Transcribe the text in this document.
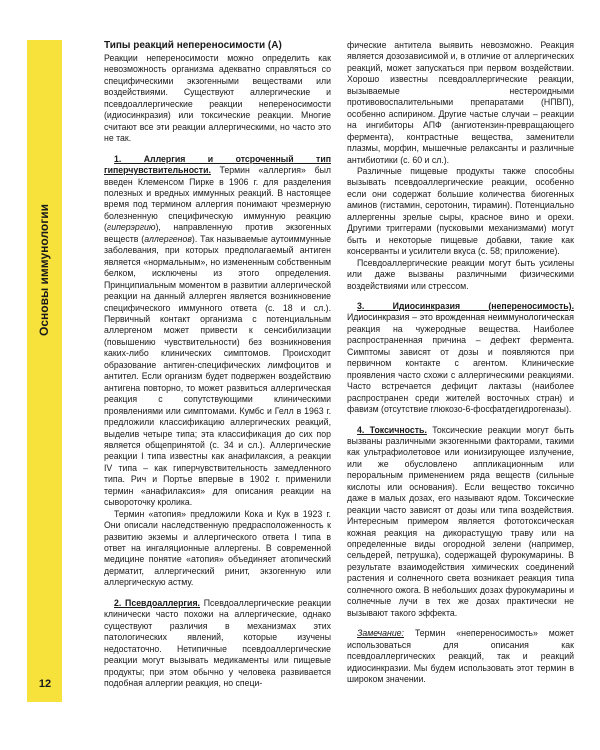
Основы иммунологии
12
Типы реакций непереносимости (А)

Реакции непереносимости можно определить как невозможность организма адекватно справляться со специфическими экзогенными веществами или воздействиями. Существуют аллергические и псевдоаллергические реакции непереносимости (идиосинкразия) или токсические реакции. Многие считают все эти реакции аллергическими, но часто это не так.

1. Аллергия и отсроченный тип гиперчувствительности. Термин «аллергия» был введен Клеменсом Пирке в 1906 г. для разделения полезных и вредных иммунных реакций. В настоящее время под термином аллергия понимают чрезмерную болезненную специфическую иммунную реакцию (гиперэргию), направленную против экзогенных веществ (аллергенов). Так называемые аутоиммунные заболевания, при которых предполагаемый антиген является «нормальным», но измененным собственным белком, исключены из этого определения. Принципиальным моментом в развитии аллергической реакции на данный аллерген является возникновение специфического иммунного ответа (с. 18 и сл.). Первичный контакт организма с потенциальным аллергеном может привести к сенсибилизации (повышению чувствительности) без возникновения каких-либо клинических симптомов. Происходит образование антиген-специфических лимфоцитов и антител. Если организм будет подвержен воздействию антигена повторно, то может развиться аллергическая реакция с сопутствующими клиническими проявлениями или симптомами. Кумбс и Гелл в 1963 г. предложили классификацию аллергических реакций, выделив четыре типа; эта классификация до сих пор является общепринятой (с. 34 и сл.). Аллергические реакции I типа известны как анафилаксия, а реакции IV типа – как гиперчувствительность замедленного типа. Рич и Портье впервые в 1902 г. применили термин «анафилаксия» для описания реакции на сывороточку кролика.

Термин «атопия» предложили Кока и Кук в 1923 г. Они описали наследственную предрасположенность к развитию экземы и аллергического ответа I типа в ответ на ингаляционные аллергены. В современной медицине понятие «атопия» объединяет атопический дерматит, аллергический ринит, экзогенную или аллергическую астму.

2. Псевдоаллергия. Псевдоаллергические реакции клинически часто похожи на аллергические, однако существуют различия в механизмах этих патологических явлений, которые изучены недостаточно. Нетипичные псевдоаллергические реакции могут вызывать медикаменты или пищевые продукты; при этом обычно у человека развивается подобная аллергии реакция, но специ-

фические антитела выявить невозможно. Реакция является дозозависимой и, в отличие от аллергических реакций, может запускаться при первом воздействии. Хорошо известны псевдоаллергические реакции, вызываемые нестероидными противовоспалительными препаратами (НПВП), особенно аспирином. Другие частые случаи – реакции на ингибиторы АПФ (ангиотензин-превращающего фермента), контрастные вещества, заменители плазмы, морфин, мышечные релаксанты и различные антибиотики (с. 60 и сл.).

Различные пищевые продукты также способны вызывать псевдоаллергические реакции, особенно если они содержат большие количества биогенных аминов (гистамин, серотонин, тирамин). Потенциально аллергенны зрелые сыры, красное вино и орехи. Другими триггерами (пусковыми механизмами) могут быть и некоторые пищевые добавки, такие как консерванты и усилители вкуса (с. 58; приложение).

Псевдоаллергические реакции могут быть усилены или даже вызваны различными физическими воздействиями или стрессом.

3. Идиосинкразия (непереносимость). Идиосинкразия – это врожденная неиммунологическая реакция на чужеродные вещества. Наиболее распространенная причина – дефект фермента. Симптомы зависят от дозы и появляются при первичном контакте с агентом. Клинические проявления часто схожи с аллергическими реакциями. Часто встречается дефицит лактазы (наиболее распространен среди жителей восточных стран) и фавизм (отсутствие глюкозо-6-фосфатдегидрогеназы).

4. Токсичность. Токсические реакции могут быть вызваны различными экзогенными факторами, такими как ультрафиолетовое или ионизирующее излучение, или же обусловлено аппликационным или пероральным применением ряда веществ (сильные кислоты или основания). Если вещество токсично даже в малых дозах, его называют ядом. Токсические реакции часто зависят от дозы или типа воздействия. Интересным примером является фототоксическая кожная реакция на дикорастущую траву или на определенные виды огородной зелени (например, сельдерей, петрушка), содержащей фурокумарины. В результате взаимодействия химических соединений растения и солнечного света возникает реакция типа солнечного ожога. В небольших дозах фурокумарины и солнечные лучи в тех же дозах практически не вызывают такого эффекта.

Замечание: Термин «непереносимость» может использоваться для описания как псевдоаллергических реакций, так и реакций идиосинкразии. Мы будем использовать этот термин в широком значении.
